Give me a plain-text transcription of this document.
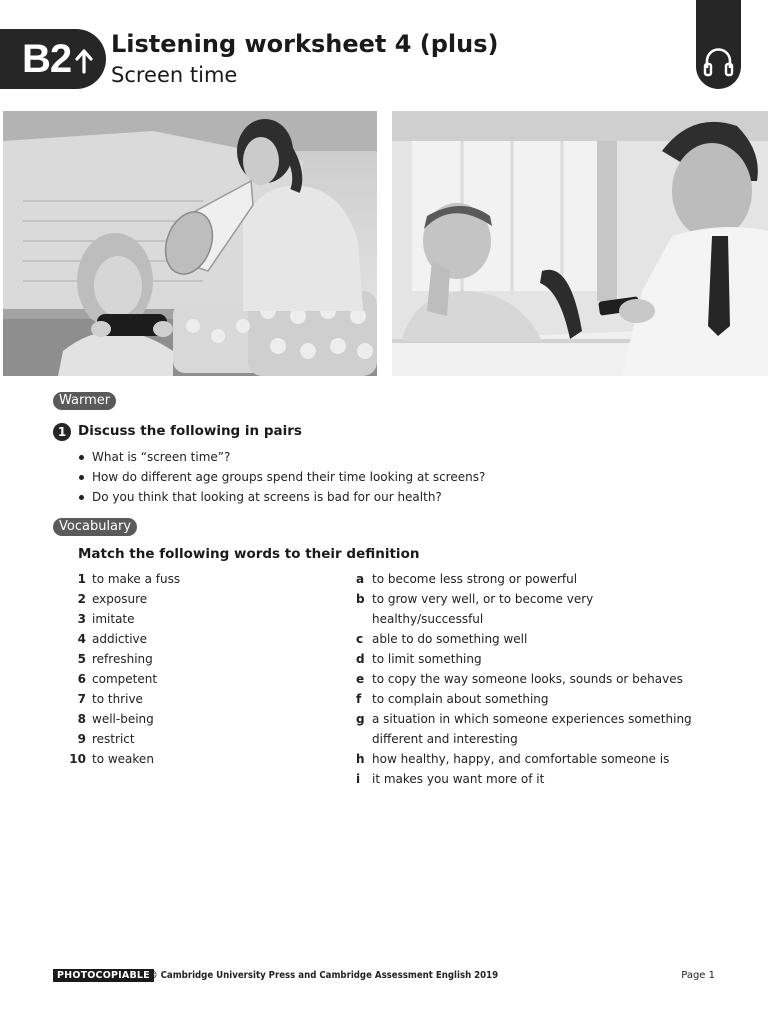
B2 Listening worksheet 4 (plus)
Screen time
Warmer
1 Discuss the following in pairs
What is “screen time”?
How do different age groups spend their time looking at screens?
Do you think that looking at screens is bad for our health?
Vocabulary
Match the following words to their definition
1 to make a fuss
2 exposure
3 imitate
4 addictive
5 refreshing
6 competent
7 to thrive
8 well-being
9 restrict
10 to weaken
a to become less strong or powerful
b to grow very well, or to become very healthy/successful
c able to do something well
d to limit something
e to copy the way someone looks, sounds or behaves
f to complain about something
g a situation in which someone experiences something different and interesting
h how healthy, happy, and comfortable someone is
i it makes you want more of it
PHOTOCOPIABLE © Cambridge University Press and Cambridge Assessment English 2019	Page 1
